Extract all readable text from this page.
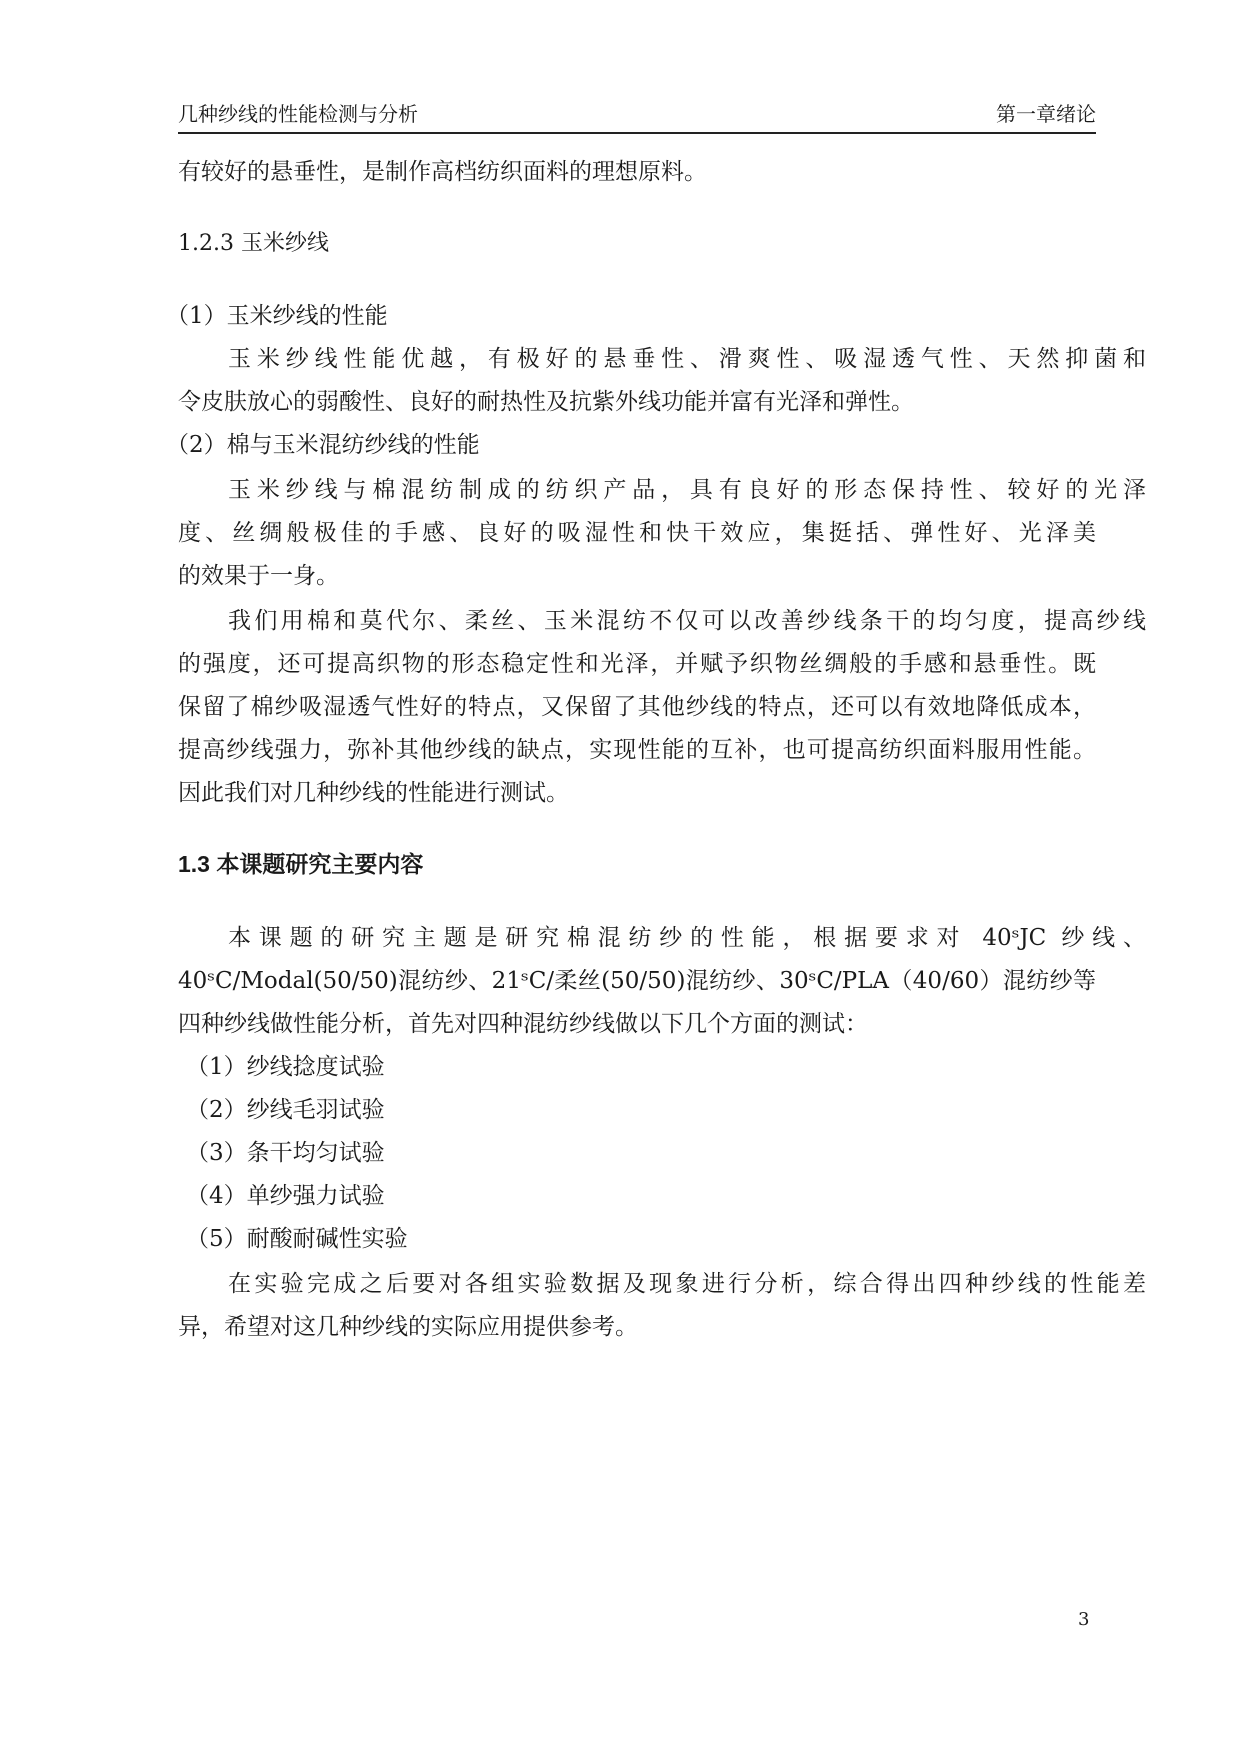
几种纱线的性能检测与分析	第一章绪论
有较好的悬垂性，是制作高档纺织面料的理想原料。
1.2.3 玉米纱线
（1）玉米纱线的性能
玉米纱线性能优越，有极好的悬垂性、滑爽性、吸湿透气性、天然抑菌和
令皮肤放心的弱酸性、良好的耐热性及抗紫外线功能并富有光泽和弹性。
（2）棉与玉米混纺纱线的性能
玉米纱线与棉混纺制成的纺织产品，具有良好的形态保持性、较好的光泽
度、丝绸般极佳的手感、良好的吸湿性和快干效应，集挺括、弹性好、光泽美
的效果于一身。
我们用棉和莫代尔、柔丝、玉米混纺不仅可以改善纱线条干的均匀度，提高纱线
的强度，还可提高织物的形态稳定性和光泽，并赋予织物丝绸般的手感和悬垂性。既
保留了棉纱吸湿透气性好的特点，又保留了其他纱线的特点，还可以有效地降低成本，
提高纱线强力，弥补其他纱线的缺点，实现性能的互补，也可提高纺织面料服用性能。
因此我们对几种纱线的性能进行测试。
1.3 本课题研究主要内容
本课题的研究主题是研究棉混纺纱的性能，根据要求对 40ˢJC 纱线、
40ˢC/Modal(50/50)混纺纱、21ˢC/柔丝(50/50)混纺纱、30ˢC/PLA（40/60）混纺纱等
四种纱线做性能分析，首先对四种混纺纱线做以下几个方面的测试：
（1）纱线捻度试验
（2）纱线毛羽试验
（3）条干均匀试验
（4）单纱强力试验
（5）耐酸耐碱性实验
在实验完成之后要对各组实验数据及现象进行分析，综合得出四种纱线的性能差
异，希望对这几种纱线的实际应用提供参考。
3
